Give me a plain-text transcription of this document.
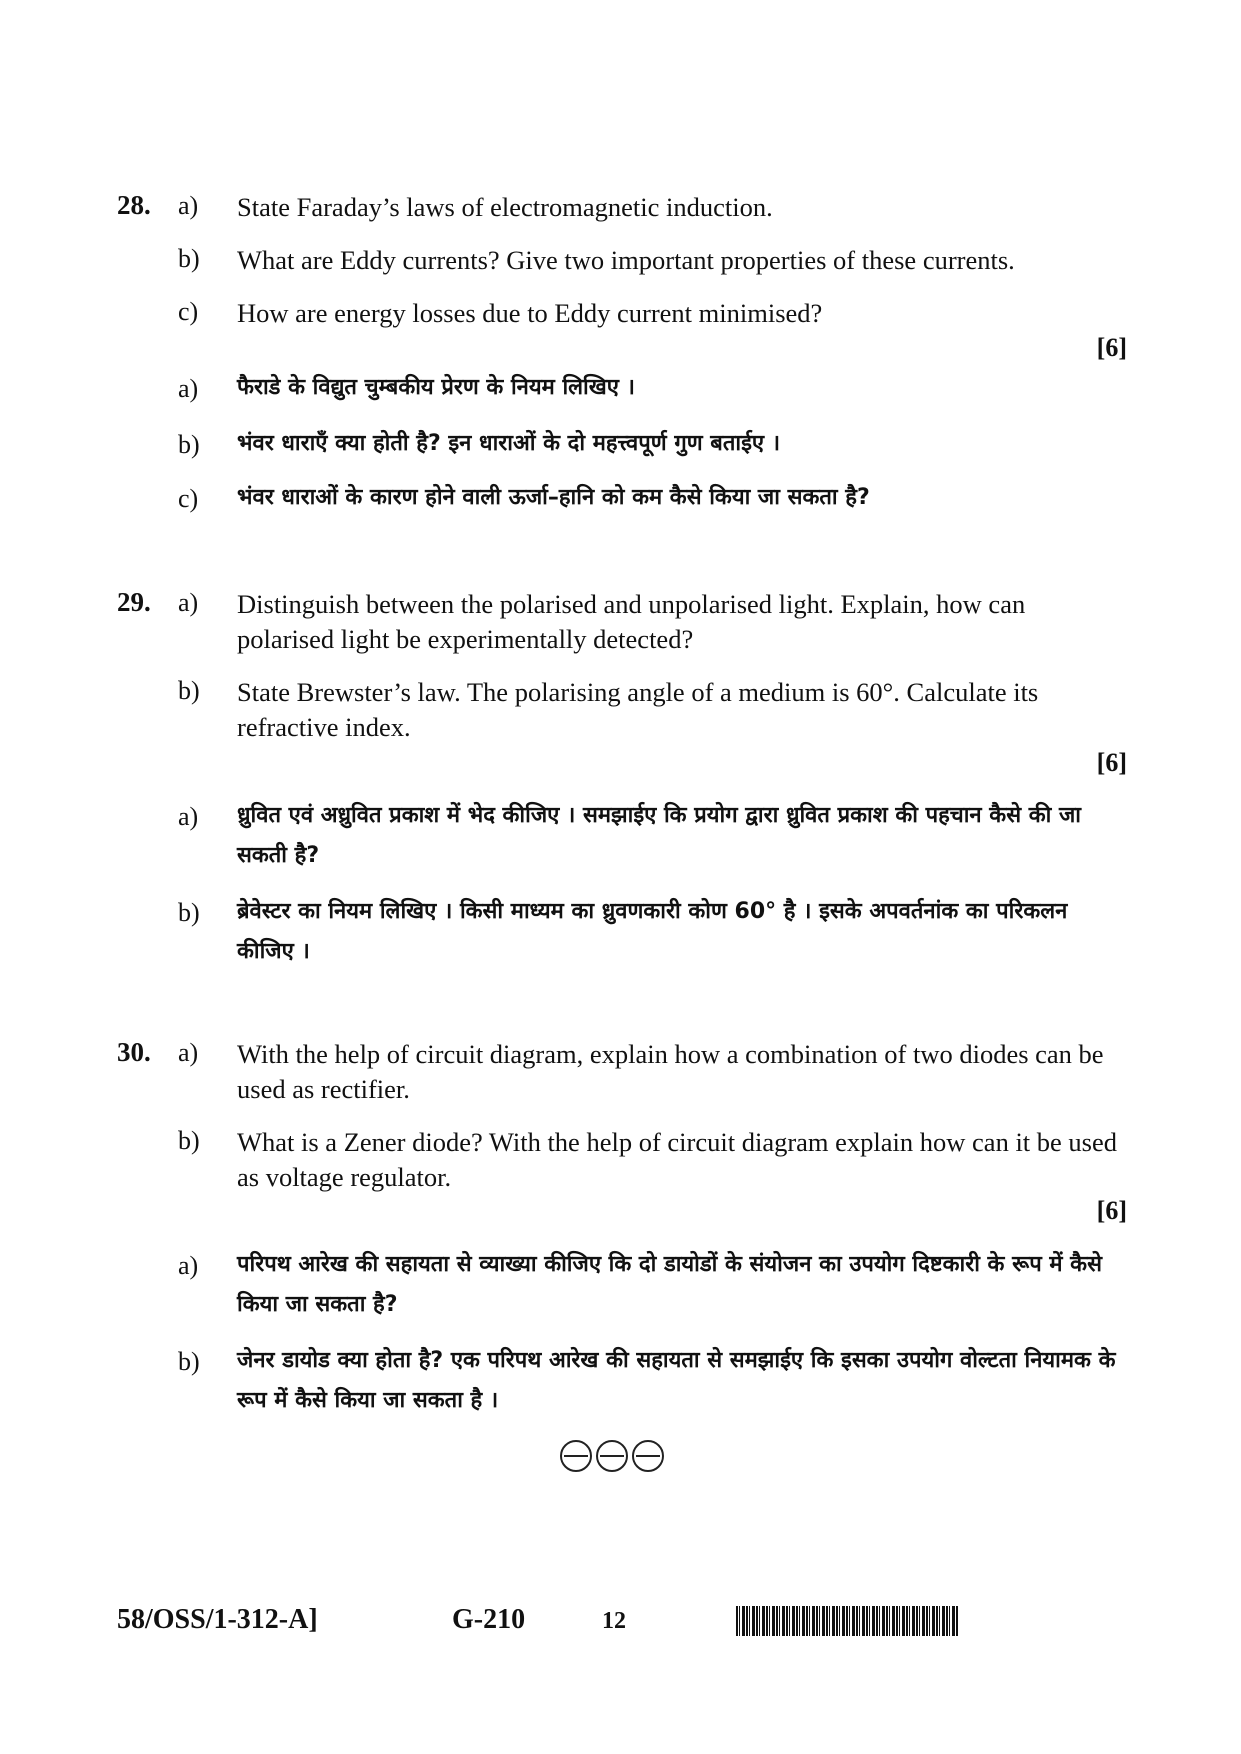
28. a) State Faraday’s laws of electromagnetic induction.
b) What are Eddy currents? Give two important properties of these currents.
c) How are energy losses due to Eddy current minimised?
[6]
a) फैराडे के विद्युत चुम्बकीय प्रेरण के नियम लिखिए ।
b) भंवर धाराएँ क्या होती है? इन धाराओं के दो महत्त्वपूर्ण गुण बताईए ।
c) भंवर धाराओं के कारण होने वाली ऊर्जा–हानि को कम कैसे किया जा सकता है?
29. a) Distinguish between the polarised and unpolarised light. Explain, how can polarised light be experimentally detected?
b) State Brewster’s law. The polarising angle of a medium is 60°. Calculate its refractive index.
[6]
a) ध्रुवित एवं अध्रुवित प्रकाश में भेद कीजिए । समझाईए कि प्रयोग द्वारा ध्रुवित प्रकाश की पहचान कैसे की जा सकती है?
b) ब्रेवेस्टर का नियम लिखिए । किसी माध्यम का ध्रुवणकारी कोण 60° है । इसके अपवर्तनांक का परिकलन कीजिए ।
30. a) With the help of circuit diagram, explain how a combination of two diodes can be used as rectifier.
b) What is a Zener diode? With the help of circuit diagram explain how can it be used as voltage regulator.
[6]
a) परिपथ आरेख की सहायता से व्याख्या कीजिए कि दो डायोडों के संयोजन का उपयोग दिष्टकारी के रूप में कैसे किया जा सकता है?
b) जेनर डायोड क्या होता है? एक परिपथ आरेख की सहायता से समझाईए कि इसका उपयोग वोल्टता नियामक के रूप में कैसे किया जा सकता है ।
58/OSS/1-312-A]	G-210	12
